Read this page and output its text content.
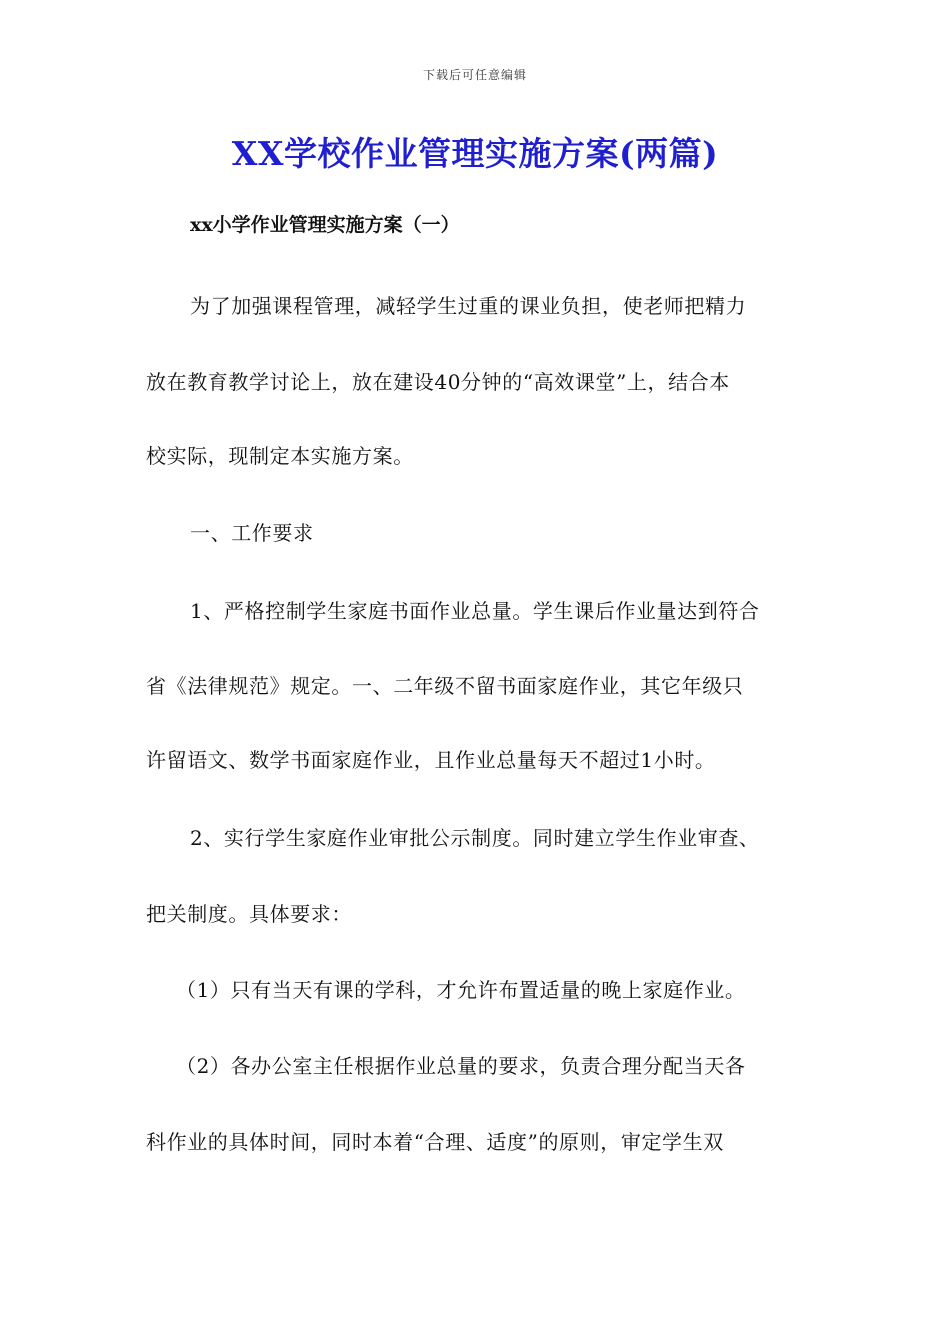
下载后可任意编辑
XX学校作业管理实施方案(两篇)
xx小学作业管理实施方案（一）
为了加强课程管理，减轻学生过重的课业负担，使老师把精力
放在教育教学讨论上，放在建设40分钟的“高效课堂”上，结合本
校实际，现制定本实施方案。
一、工作要求
1、严格控制学生家庭书面作业总量。学生课后作业量达到符合
省《法律规范》规定。一、二年级不留书面家庭作业，其它年级只
许留语文、数学书面家庭作业，且作业总量每天不超过1小时。
2、实行学生家庭作业审批公示制度。同时建立学生作业审查、
把关制度。具体要求：
（1）只有当天有课的学科，才允许布置适量的晚上家庭作业。
（2）各办公室主任根据作业总量的要求，负责合理分配当天各
科作业的具体时间，同时本着“合理、适度”的原则，审定学生双
